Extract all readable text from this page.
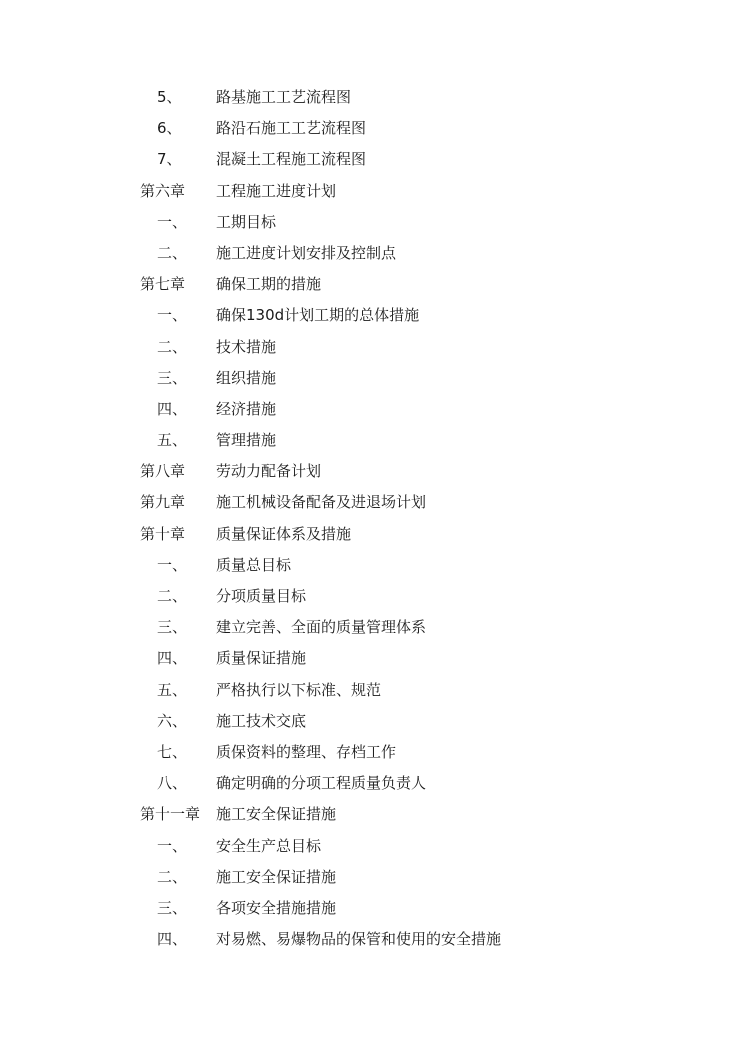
5、 路基施工工艺流程图
6、 路沿石施工工艺流程图
7、 混凝土工程施工流程图
第六章 工程施工进度计划
一、 工期目标
二、 施工进度计划安排及控制点
第七章 确保工期的措施
一、 确保130d计划工期的总体措施
二、 技术措施
三、 组织措施
四、 经济措施
五、 管理措施
第八章 劳动力配备计划
第九章 施工机械设备配备及进退场计划
第十章 质量保证体系及措施
一、 质量总目标
二、 分项质量目标
三、 建立完善、全面的质量管理体系
四、 质量保证措施
五、 严格执行以下标准、规范
六、 施工技术交底
七、 质保资料的整理、存档工作
八、 确定明确的分项工程质量负责人
第十一章 施工安全保证措施
一、 安全生产总目标
二、 施工安全保证措施
三、 各项安全措施措施
四、 对易燃、易爆物品的保管和使用的安全措施
